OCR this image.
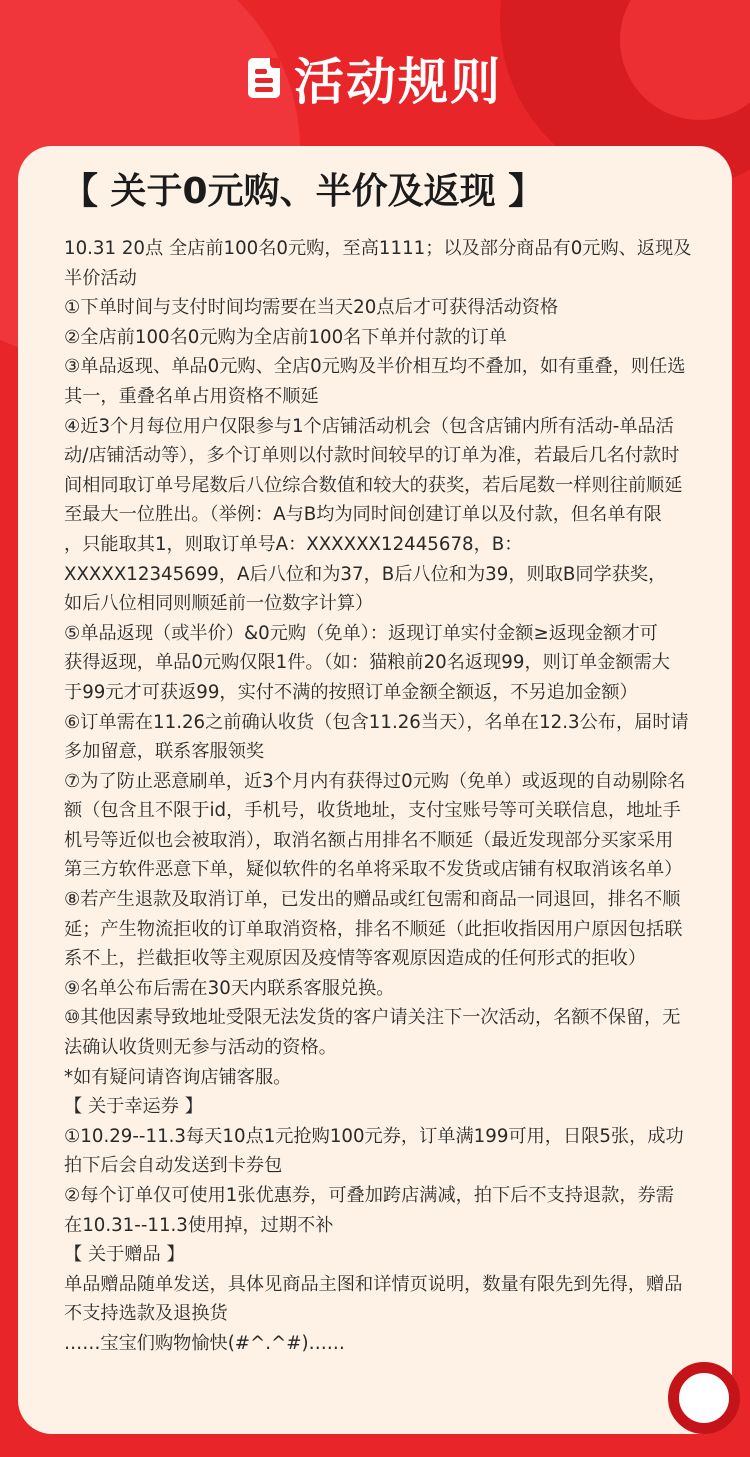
活动规则
【 关于0元购、半价及返现 】
10.31 20点 全店前100名0元购，至高1111；以及部分商品有0元购、返现及
半价活动
①下单时间与支付时间均需要在当天20点后才可获得活动资格
②全店前100名0元购为全店前100名下单并付款的订单
③单品返现、单品0元购、全店0元购及半价相互均不叠加，如有重叠，则任选
其一，重叠名单占用资格不顺延
④近3个月每位用户仅限参与1个店铺活动机会（包含店铺内所有活动-单品活
动/店铺活动等），多个订单则以付款时间较早的订单为准，若最后几名付款时
间相同取订单号尾数后八位综合数值和较大的获奖，若后尾数一样则往前顺延
至最大一位胜出。（举例：A与B均为同时间创建订单以及付款，但名单有限
，只能取其1，则取订单号A：XXXXXX12445678，B：
XXXXX12345699，A后八位和为37，B后八位和为39，则取B同学获奖，
如后八位相同则顺延前一位数字计算）
⑤单品返现（或半价）&0元购（免单）：返现订单实付金额≥返现金额才可
获得返现，单品0元购仅限1件。（如：猫粮前20名返现99，则订单金额需大
于99元才可获返99，实付不满的按照订单金额全额返，不另追加金额）
⑥订单需在11.26之前确认收货（包含11.26当天），名单在12.3公布，届时请
多加留意，联系客服领奖
⑦为了防止恶意刷单，近3个月内有获得过0元购（免单）或返现的自动剔除名
额（包含且不限于id，手机号，收货地址，支付宝账号等可关联信息，地址手
机号等近似也会被取消），取消名额占用排名不顺延（最近发现部分买家采用
第三方软件恶意下单，疑似软件的名单将采取不发货或店铺有权取消该名单）
⑧若产生退款及取消订单，已发出的赠品或红包需和商品一同退回，排名不顺
延；产生物流拒收的订单取消资格，排名不顺延（此拒收指因用户原因包括联
系不上，拦截拒收等主观原因及疫情等客观原因造成的任何形式的拒收）
⑨名单公布后需在30天内联系客服兑换。
⑩其他因素导致地址受限无法发货的客户请关注下一次活动，名额不保留，无
法确认收货则无参与活动的资格。
*如有疑问请咨询店铺客服。
【 关于幸运券 】
①10.29--11.3每天10点1元抢购100元券，订单满199可用，日限5张，成功
拍下后会自动发送到卡券包
②每个订单仅可使用1张优惠券，可叠加跨店满减，拍下后不支持退款，券需
在10.31--11.3使用掉，过期不补
【 关于赠品 】
单品赠品随单发送，具体见商品主图和详情页说明，数量有限先到先得，赠品
不支持选款及退换货
……宝宝们购物愉快(#^.^#)……
